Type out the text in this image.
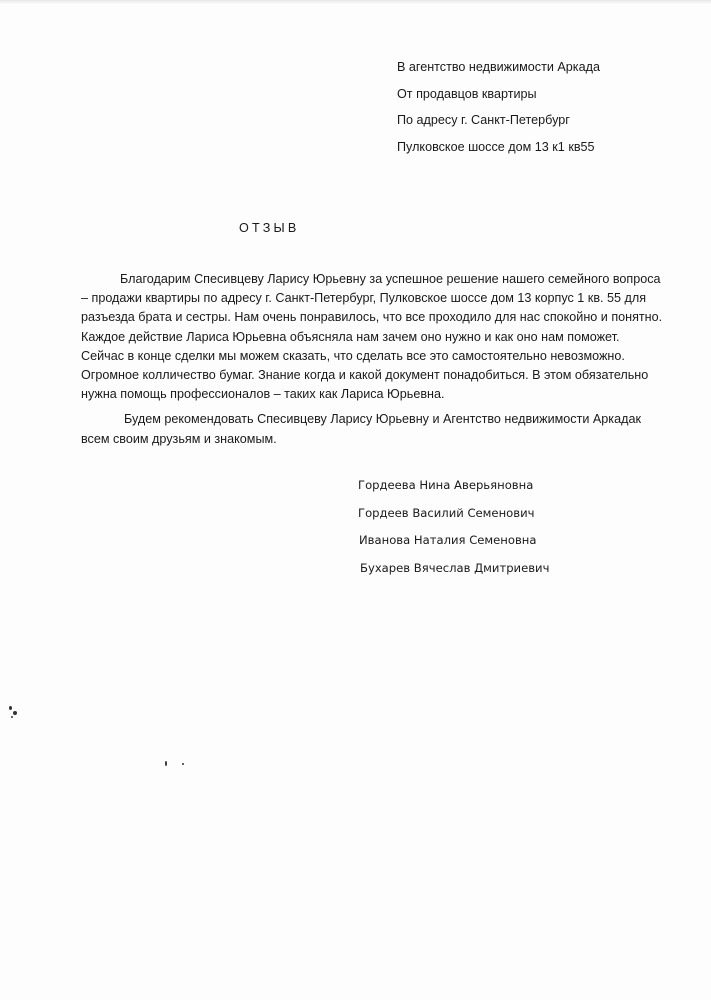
В агентство недвижимости Аркада
От продавцов квартиры
По адресу г. Санкт-Петербург
Пулковское шоссе дом 13 к1 кв55
ОТЗЫВ
Благодарим Спесивцеву Ларису Юрьевну за успешное решение нашего семейного вопроса
– продажи квартиры по адресу г. Санкт-Петербург, Пулковское шоссе дом 13 корпус 1 кв. 55 для
разъезда брата и сестры. Нам очень понравилось, что все проходило для нас спокойно и понятно.
Каждое действие Лариса Юрьевна объясняла нам зачем оно нужно и как оно нам поможет.
Сейчас в конце сделки мы можем сказать, что сделать все это самостоятельно невозможно.
Огромное колличество бумаг. Знание когда и какой документ понадобиться. В этом обязательно
нужна помощь профессионалов – таких как Лариса Юрьевна.
Будем рекомендовать Спесивцеву Ларису Юрьевну и Агентство недвижимости Аркадак
всем своим друзьям и знакомым.
Гордеева Нина Аверьяновна
Гордеев Василий Семенович
Иванова Наталия Семеновна
Бухарев Вячеслав Дмитриевич
